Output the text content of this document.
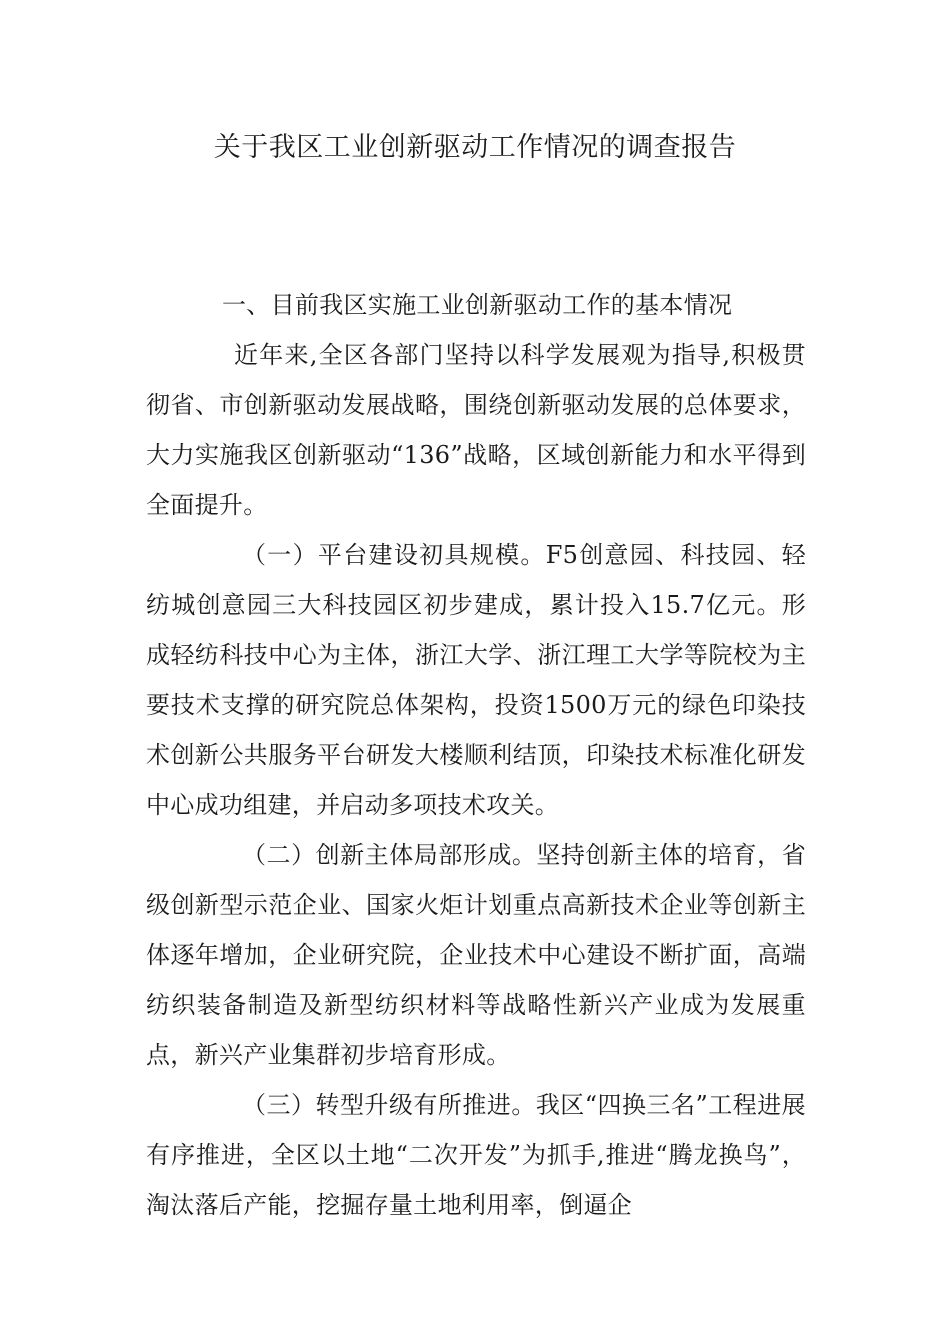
关于我区工业创新驱动工作情况的调查报告

一、目前我区实施工业创新驱动工作的基本情况

近年来,全区各部门坚持以科学发展观为指导,积极贯彻省、市创新驱动发展战略，围绕创新驱动发展的总体要求，大力实施我区创新驱动“136”战略，区域创新能力和水平得到全面提升。

（一）平台建设初具规模。F5创意园、科技园、轻纺城创意园三大科技园区初步建成，累计投入15.7亿元。形成轻纺科技中心为主体，浙江大学、浙江理工大学等院校为主要技术支撑的研究院总体架构，投资1500万元的绿色印染技术创新公共服务平台研发大楼顺利结顶，印染技术标准化研发中心成功组建，并启动多项技术攻关。

（二）创新主体局部形成。坚持创新主体的培育，省级创新型示范企业、国家火炬计划重点高新技术企业等创新主体逐年增加，企业研究院，企业技术中心建设不断扩面，高端纺织装备制造及新型纺织材料等战略性新兴产业成为发展重点，新兴产业集群初步培育形成。

（三）转型升级有所推进。我区“四换三名”工程进展有序推进，全区以土地“二次开发”为抓手,推进“腾龙换鸟”，淘汰落后产能，挖掘存量土地利用率，倒逼企
